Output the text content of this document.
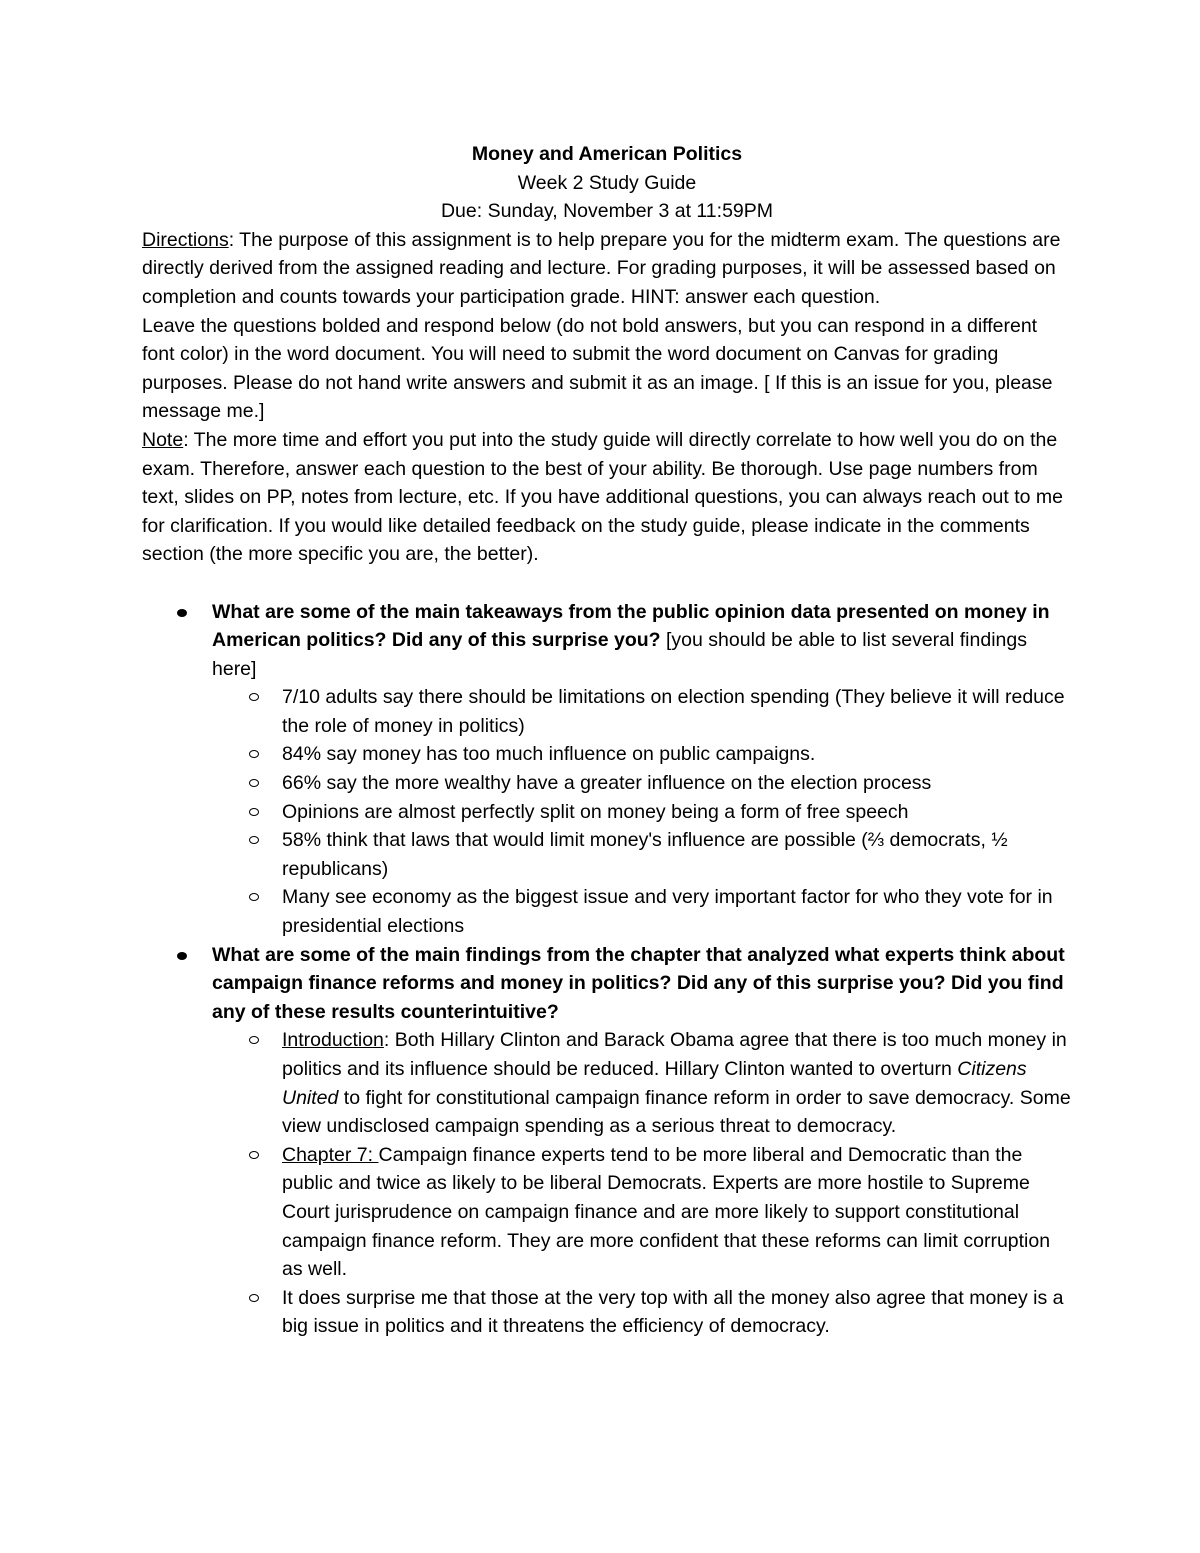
Money and American Politics
Week 2 Study Guide
Due: Sunday, November 3 at 11:59PM

Directions: The purpose of this assignment is to help prepare you for the midterm exam. The questions are directly derived from the assigned reading and lecture. For grading purposes, it will be assessed based on completion and counts towards your participation grade. HINT: answer each question.

Leave the questions bolded and respond below (do not bold answers, but you can respond in a different font color) in the word document. You will need to submit the word document on Canvas for grading purposes. Please do not hand write answers and submit it as an image. [ If this is an issue for you, please message me.]

Note: The more time and effort you put into the study guide will directly correlate to how well you do on the exam. Therefore, answer each question to the best of your ability. Be thorough. Use page numbers from text, slides on PP, notes from lecture, etc. If you have additional questions, you can always reach out to me for clarification. If you would like detailed feedback on the study guide, please indicate in the comments section (the more specific you are, the better).

What are some of the main takeaways from the public opinion data presented on money in American politics? Did any of this surprise you? [you should be able to list several findings here]
7/10 adults say there should be limitations on election spending (They believe it will reduce the role of money in politics)
84% say money has too much influence on public campaigns.
66% say the more wealthy have a greater influence on the election process
Opinions are almost perfectly split on money being a form of free speech
58% think that laws that would limit money's influence are possible (⅔ democrats, ½ republicans)
Many see economy as the biggest issue and very important factor for who they vote for in presidential elections
What are some of the main findings from the chapter that analyzed what experts think about campaign finance reforms and money in politics? Did any of this surprise you? Did you find any of these results counterintuitive?
Introduction: Both Hillary Clinton and Barack Obama agree that there is too much money in politics and its influence should be reduced. Hillary Clinton wanted to overturn Citizens United to fight for constitutional campaign finance reform in order to save democracy. Some view undisclosed campaign spending as a serious threat to democracy.
Chapter 7: Campaign finance experts tend to be more liberal and Democratic than the public and twice as likely to be liberal Democrats. Experts are more hostile to Supreme Court jurisprudence on campaign finance and are more likely to support constitutional campaign finance reform. They are more confident that these reforms can limit corruption as well.
It does surprise me that those at the very top with all the money also agree that money is a big issue in politics and it threatens the efficiency of democracy.
